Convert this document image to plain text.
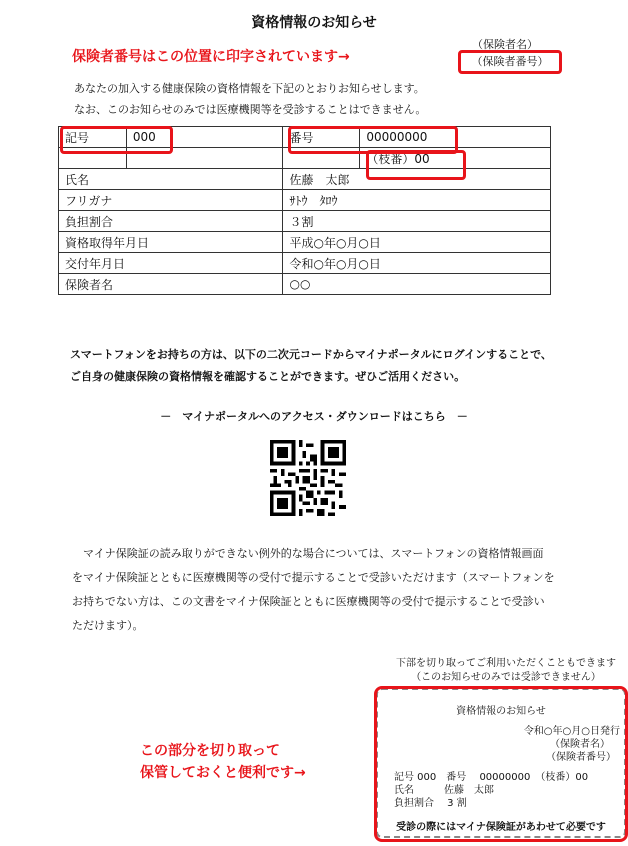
資格情報のお知らせ
（保険者名）
保険者番号はこの位置に印字されています→	（保険者番号）
あなたの加入する健康保険の資格情報を下記のとおりお知らせします。
なお、このお知らせのみでは医療機関等を受診することはできません。
記号	000	番号	00000000
			（枝番）00
氏名		佐藤　太郎	
フリガナ		ｻﾄｳ　ﾀﾛｳ	
負担割合		３割	
資格取得年月日		平成○年○月○日	
交付年月日		令和○年○月○日	
保険者名		○○	
スマートフォンをお持ちの方は、以下の二次元コードからマイナポータルにログインすることで、
ご自身の健康保険の資格情報を確認することができます。ぜひご活用ください。
－　マイナポータルへのアクセス・ダウンロードはこちら　－
マイナ保険証の読み取りができない例外的な場合については、スマートフォンの資格情報画面
をマイナ保険証とともに医療機関等の受付で提示することで受診いただけます（スマートフォンを
お持ちでない方は、この文書をマイナ保険証とともに医療機関等の受付で提示することで受診い
ただけます）。
下部を切り取ってご利用いただくこともできます
（このお知らせのみでは受診できません）
この部分を切り取って
保管しておくと便利です→
資格情報のお知らせ
令和○年○月○日発行
（保険者名）
（保険者番号）
記号 000　番号　 00000000　（枝番）00
氏名　　　佐藤　太郎
負担割合　 3 割
受診の際にはマイナ保険証があわせて必要です
